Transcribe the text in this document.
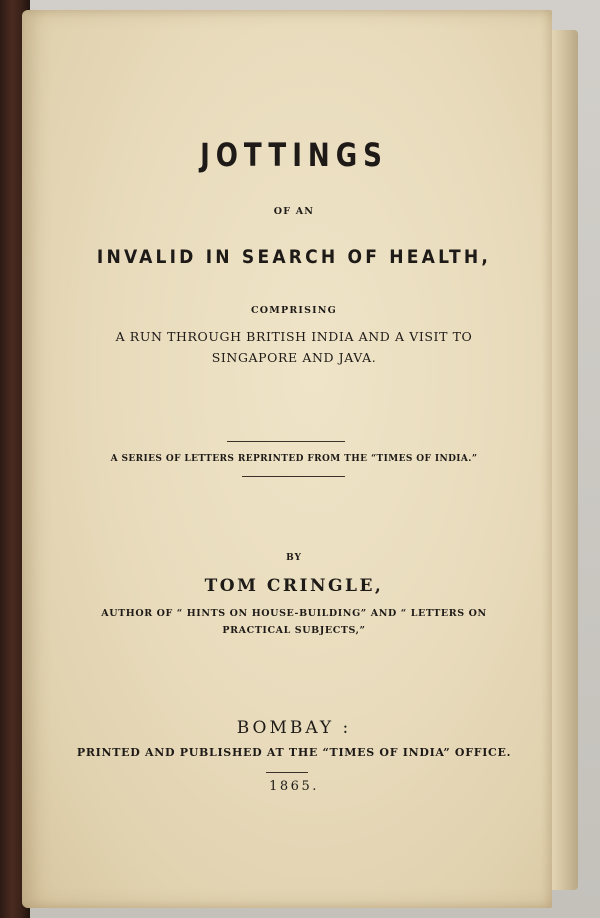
JOTTINGS
OF AN
INVALID IN SEARCH OF HEALTH,
COMPRISING
A RUN THROUGH BRITISH INDIA AND A VISIT TO
SINGAPORE AND JAVA.
A SERIES OF LETTERS REPRINTED FROM THE “TIMES OF INDIA.”
BY
TOM CRINGLE,
AUTHOR OF “ HINTS ON HOUSE-BUILDING” AND “ LETTERS ON
PRACTICAL SUBJECTS,”
BOMBAY :
PRINTED AND PUBLISHED AT THE “TIMES OF INDIA” OFFICE.
1865.
